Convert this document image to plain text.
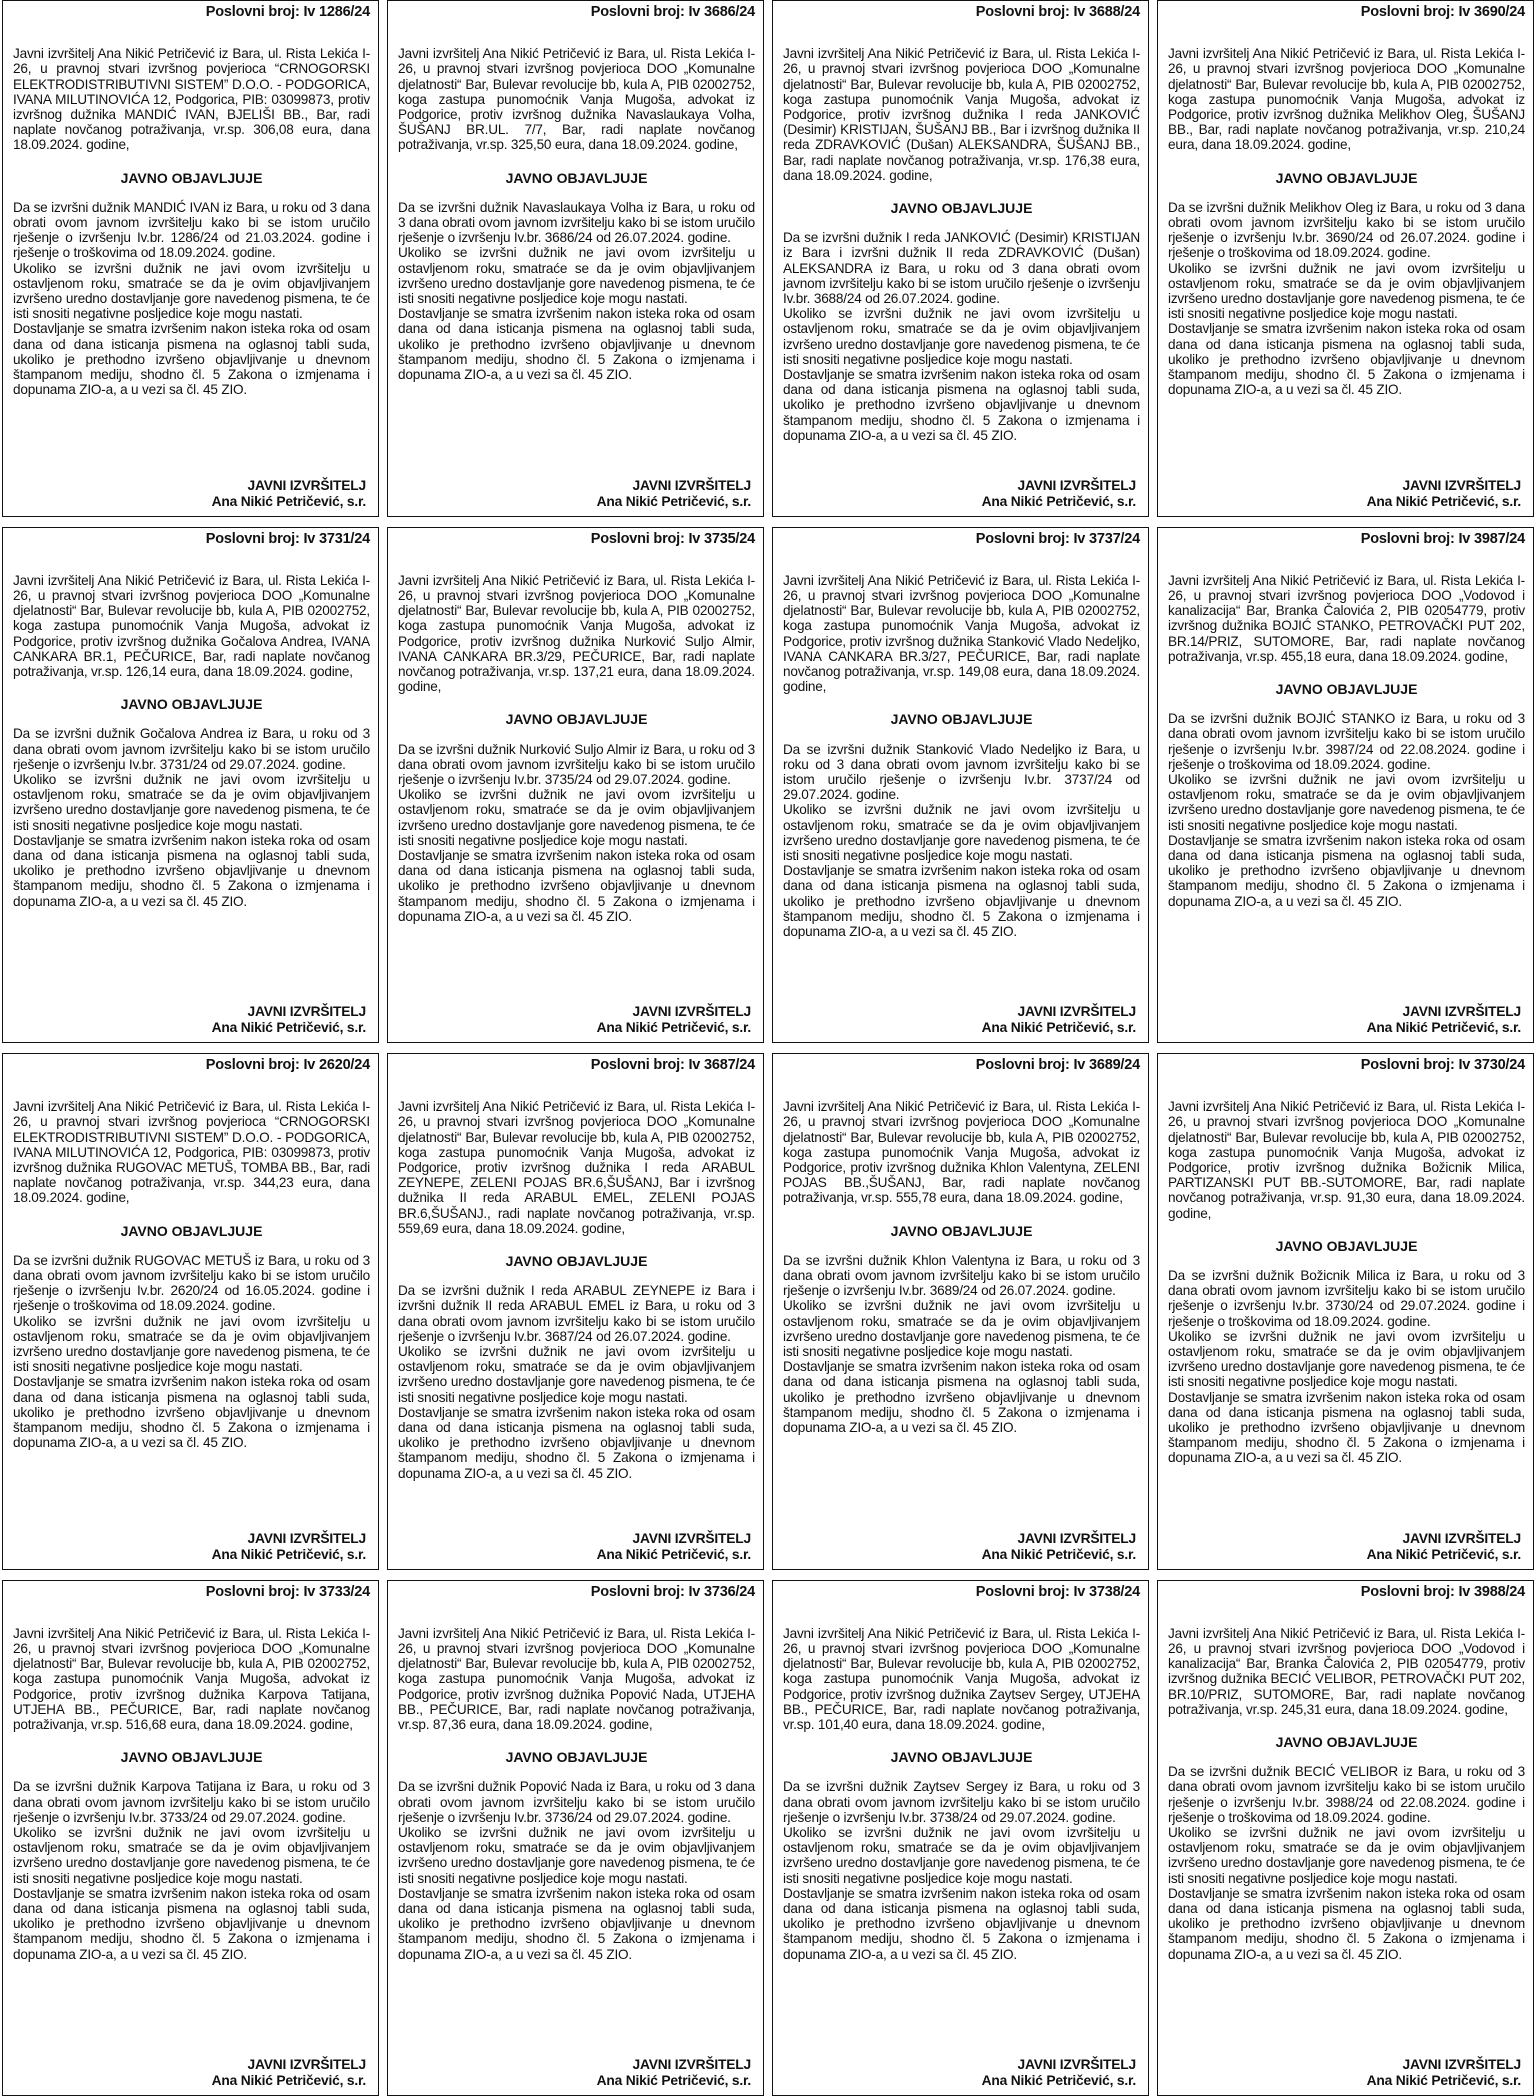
Poslovni broj: Iv 1286/24

Javni izvršitelj Ana Nikić Petričević iz Bara, ul. Rista Lekića I-26, u pravnoj stvari izvršnog povjerioca “CRNOGORSKI ELEKTRODISTRIBUTIVNI SISTEM” D.O.O. - PODGORICA, IVANA MILUTINOVIĆA 12, Podgorica, PIB: 03099873, protiv izvršnog dužnika MANDIĆ IVAN, BJELIŠI BB., Bar, radi naplate novčanog potraživanja, vr.sp. 306,08 eura, dana 18.09.2024. godine,

JAVNO OBJAVLJUJE

Da se izvršni dužnik MANDIĆ IVAN iz Bara, u roku od 3 dana obrati ovom javnom izvršitelju kako bi se istom uručilo rješenje o izvršenju Iv.br. 1286/24 od 21.03.2024. godine i rješenje o troškovima od 18.09.2024. godine.

Ukoliko se izvršni dužnik ne javi ovom izvršitelju u ostavljenom roku, smatraće se da je ovim objavljivanjem izvršeno uredno dostavljanje gore navedenog pismena, te će isti snositi negativne posljedice koje mogu nastati.

Dostavljanje se smatra izvršenim nakon isteka roka od osam dana od dana isticanja pismena na oglasnoj tabli suda, ukoliko je prethodno izvršeno objavljivanje u dnevnom štampanom mediju, shodno čl. 5 Zakona o izmjenama i dopunama ZIO-a, a u vezi sa čl. 45 ZIO.

JAVNI IZVRŠITELJ
Ana Nikić Petričević, s.r.
Poslovni broj: Iv 3686/24

Javni izvršitelj Ana Nikić Petričević iz Bara, ul. Rista Lekića I-26, u pravnoj stvari izvršnog povjerioca DOO „Komunalne djelatnosti“ Bar, Bulevar revolucije bb, kula A, PIB 02002752, koga zastupa punomoćnik Vanja Mugoša, advokat iz Podgorice, protiv izvršnog dužnika Navaslaukaya Volha, ŠUŠANJ BR.UL. 7/7, Bar, radi naplate novčanog potraživanja, vr.sp. 325,50 eura, dana 18.09.2024. godine,

JAVNO OBJAVLJUJE

Da se izvršni dužnik Navaslaukaya Volha iz Bara, u roku od 3 dana obrati ovom javnom izvršitelju kako bi se istom uručilo rješenje o izvršenju Iv.br. 3686/24 od 26.07.2024. godine.

Ukoliko se izvršni dužnik ne javi ovom izvršitelju u ostavljenom roku, smatraće se da je ovim objavljivanjem izvršeno uredno dostavljanje gore navedenog pismena, te će isti snositi negativne posljedice koje mogu nastati.

Dostavljanje se smatra izvršenim nakon isteka roka od osam dana od dana isticanja pismena na oglasnoj tabli suda, ukoliko je prethodno izvršeno objavljivanje u dnevnom štampanom mediju, shodno čl. 5 Zakona o izmjenama i dopunama ZIO-a, a u vezi sa čl. 45 ZIO.

JAVNI IZVRŠITELJ
Ana Nikić Petričević, s.r.
Poslovni broj: Iv 3688/24

Javni izvršitelj Ana Nikić Petričević iz Bara, ul. Rista Lekića I-26, u pravnoj stvari izvršnog povjerioca DOO „Komunalne djelatnosti“ Bar, Bulevar revolucije bb, kula A, PIB 02002752, koga zastupa punomoćnik Vanja Mugoša, advokat iz Podgorice, protiv izvršnog dužnika I reda JANKOVIĆ (Desimir) KRISTIJAN, ŠUŠANJ BB., Bar i izvršnog dužnika II reda ZDRAVKOVIĆ (Dušan) ALEKSANDRA, ŠUŠANJ BB., Bar, radi naplate novčanog potraživanja, vr.sp. 176,38 eura, dana 18.09.2024. godine,

JAVNO OBJAVLJUJE

Da se izvršni dužnik I reda JANKOVIĆ (Desimir) KRISTIJAN iz Bara i izvršni dužnik II reda ZDRAVKOVIĆ (Dušan) ALEKSANDRA iz Bara, u roku od 3 dana obrati ovom javnom izvršitelju kako bi se istom uručilo rješenje o izvršenju Iv.br. 3688/24 od 26.07.2024. godine.

Ukoliko se izvršni dužnik ne javi ovom izvršitelju u ostavljenom roku, smatraće se da je ovim objavljivanjem izvršeno uredno dostavljanje gore navedenog pismena, te će isti snositi negativne posljedice koje mogu nastati.

Dostavljanje se smatra izvršenim nakon isteka roka od osam dana od dana isticanja pismena na oglasnoj tabli suda, ukoliko je prethodno izvršeno objavljivanje u dnevnom štampanom mediju, shodno čl. 5 Zakona o izmjenama i dopunama ZIO-a, a u vezi sa čl. 45 ZIO.

JAVNI IZVRŠITELJ
Ana Nikić Petričević, s.r.
Poslovni broj: Iv 3690/24

Javni izvršitelj Ana Nikić Petričević iz Bara, ul. Rista Lekića I-26, u pravnoj stvari izvršnog povjerioca DOO „Komunalne djelatnosti“ Bar, Bulevar revolucije bb, kula A, PIB 02002752, koga zastupa punomoćnik Vanja Mugoša, advokat iz Podgorice, protiv izvršnog dužnika Melikhov Oleg, ŠUŠANJ BB., Bar, radi naplate novčanog potraživanja, vr.sp. 210,24 eura, dana 18.09.2024. godine,

JAVNO OBJAVLJUJE

Da se izvršni dužnik Melikhov Oleg iz Bara, u roku od 3 dana obrati ovom javnom izvršitelju kako bi se istom uručilo rješenje o izvršenju Iv.br. 3690/24 od 26.07.2024. godine i rješenje o troškovima od 18.09.2024. godine.

Ukoliko se izvršni dužnik ne javi ovom izvršitelju u ostavljenom roku, smatraće se da je ovim objavljivanjem izvršeno uredno dostavljanje gore navedenog pismena, te će isti snositi negativne posljedice koje mogu nastati.

Dostavljanje se smatra izvršenim nakon isteka roka od osam dana od dana isticanja pismena na oglasnoj tabli suda, ukoliko je prethodno izvršeno objavljivanje u dnevnom štampanom mediju, shodno čl. 5 Zakona o izmjenama i dopunama ZIO-a, a u vezi sa čl. 45 ZIO.

JAVNI IZVRŠITELJ
Ana Nikić Petričević, s.r.
Poslovni broj: Iv 3731/24

Javni izvršitelj Ana Nikić Petričević iz Bara, ul. Rista Lekića I-26, u pravnoj stvari izvršnog povjerioca DOO „Komunalne djelatnosti“ Bar, Bulevar revolucije bb, kula A, PIB 02002752, koga zastupa punomoćnik Vanja Mugoša, advokat iz Podgorice, protiv izvršnog dužnika Gočalova Andrea, IVANA CANKARA BR.1, PEČURICE, Bar, radi naplate novčanog potraživanja, vr.sp. 126,14 eura, dana 18.09.2024. godine,

JAVNO OBJAVLJUJE

Da se izvršni dužnik Gočalova Andrea iz Bara, u roku od 3 dana obrati ovom javnom izvršitelju kako bi se istom uručilo rješenje o izvršenju Iv.br. 3731/24 od 29.07.2024. godine.

Ukoliko se izvršni dužnik ne javi ovom izvršitelju u ostavljenom roku, smatraće se da je ovim objavljivanjem izvršeno uredno dostavljanje gore navedenog pismena, te će isti snositi negativne posljedice koje mogu nastati.

Dostavljanje se smatra izvršenim nakon isteka roka od osam dana od dana isticanja pismena na oglasnoj tabli suda, ukoliko je prethodno izvršeno objavljivanje u dnevnom štampanom mediju, shodno čl. 5 Zakona o izmjenama i dopunama ZIO-a, a u vezi sa čl. 45 ZIO.

JAVNI IZVRŠITELJ
Ana Nikić Petričević, s.r.
Poslovni broj: Iv 3735/24

Javni izvršitelj Ana Nikić Petričević iz Bara, ul. Rista Lekića I-26, u pravnoj stvari izvršnog povjerioca DOO „Komunalne djelatnosti“ Bar, Bulevar revolucije bb, kula A, PIB 02002752, koga zastupa punomoćnik Vanja Mugoša, advokat iz Podgorice, protiv izvršnog dužnika Nurković Suljo Almir, IVANA CANKARA BR.3/29, PEČURICE, Bar, radi naplate novčanog potraživanja, vr.sp. 137,21 eura, dana 18.09.2024. godine,

JAVNO OBJAVLJUJE

Da se izvršni dužnik Nurković Suljo Almir iz Bara, u roku od 3 dana obrati ovom javnom izvršitelju kako bi se istom uručilo rješenje o izvršenju Iv.br. 3735/24 od 29.07.2024. godine.

Ukoliko se izvršni dužnik ne javi ovom izvršitelju u ostavljenom roku, smatraće se da je ovim objavljivanjem izvršeno uredno dostavljanje gore navedenog pismena, te će isti snositi negativne posljedice koje mogu nastati.

Dostavljanje se smatra izvršenim nakon isteka roka od osam dana od dana isticanja pismena na oglasnoj tabli suda, ukoliko je prethodno izvršeno objavljivanje u dnevnom štampanom mediju, shodno čl. 5 Zakona o izmjenama i dopunama ZIO-a, a u vezi sa čl. 45 ZIO.

JAVNI IZVRŠITELJ
Ana Nikić Petričević, s.r.
Poslovni broj: Iv 3737/24

Javni izvršitelj Ana Nikić Petričević iz Bara, ul. Rista Lekića I-26, u pravnoj stvari izvršnog povjerioca DOO „Komunalne djelatnosti“ Bar, Bulevar revolucije bb, kula A, PIB 02002752, koga zastupa punomoćnik Vanja Mugoša, advokat iz Podgorice, protiv izvršnog dužnika Stanković Vlado Nedeljko, IVANA CANKARA BR.3/27, PEČURICE, Bar, radi naplate novčanog potraživanja, vr.sp. 149,08 eura, dana 18.09.2024. godine,

JAVNO OBJAVLJUJE

Da se izvršni dužnik Stanković Vlado Nedeljko iz Bara, u roku od 3 dana obrati ovom javnom izvršitelju kako bi se istom uručilo rješenje o izvršenju Iv.br. 3737/24 od 29.07.2024. godine.

Ukoliko se izvršni dužnik ne javi ovom izvršitelju u ostavljenom roku, smatraće se da je ovim objavljivanjem izvršeno uredno dostavljanje gore navedenog pismena, te će isti snositi negativne posljedice koje mogu nastati.

Dostavljanje se smatra izvršenim nakon isteka roka od osam dana od dana isticanja pismena na oglasnoj tabli suda, ukoliko je prethodno izvršeno objavljivanje u dnevnom štampanom mediju, shodno čl. 5 Zakona o izmjenama i dopunama ZIO-a, a u vezi sa čl. 45 ZIO.

JAVNI IZVRŠITELJ
Ana Nikić Petričević, s.r.
Poslovni broj: Iv 3987/24

Javni izvršitelj Ana Nikić Petričević iz Bara, ul. Rista Lekića I-26, u pravnoj stvari izvršnog povjerioca DOO „Vodovod i kanalizacija“ Bar, Branka Čalovića 2, PIB 02054779, protiv izvršnog dužnika BOJIĆ STANKO, PETROVAČKI PUT 202, BR.14/PRIZ, SUTOMORE, Bar, radi naplate novčanog potraživanja, vr.sp. 455,18 eura, dana 18.09.2024. godine,

JAVNO OBJAVLJUJE

Da se izvršni dužnik BOJIĆ STANKO iz Bara, u roku od 3 dana obrati ovom javnom izvršitelju kako bi se istom uručilo rješenje o izvršenju Iv.br. 3987/24 od 22.08.2024. godine i rješenje o troškovima od 18.09.2024. godine.

Ukoliko se izvršni dužnik ne javi ovom izvršitelju u ostavljenom roku, smatraće se da je ovim objavljivanjem izvršeno uredno dostavljanje gore navedenog pismena, te će isti snositi negativne posljedice koje mogu nastati.

Dostavljanje se smatra izvršenim nakon isteka roka od osam dana od dana isticanja pismena na oglasnoj tabli suda, ukoliko je prethodno izvršeno objavljivanje u dnevnom štampanom mediju, shodno čl. 5 Zakona o izmjenama i dopunama ZIO-a, a u vezi sa čl. 45 ZIO.

JAVNI IZVRŠITELJ
Ana Nikić Petričević, s.r.
Poslovni broj: Iv 2620/24

Javni izvršitelj Ana Nikić Petričević iz Bara, ul. Rista Lekića I-26, u pravnoj stvari izvršnog povjerioca “CRNOGORSKI ELEKTRODISTRIBUTIVNI SISTEM” D.O.O. - PODGORICA, IVANA MILUTINOVIĆA 12, Podgorica, PIB: 03099873, protiv izvršnog dužnika RUGOVAC METUŠ, TOMBA BB., Bar, radi naplate novčanog potraživanja, vr.sp. 344,23 eura, dana 18.09.2024. godine,

JAVNO OBJAVLJUJE

Da se izvršni dužnik RUGOVAC METUŠ iz Bara, u roku od 3 dana obrati ovom javnom izvršitelju kako bi se istom uručilo rješenje o izvršenju Iv.br. 2620/24 od 16.05.2024. godine i rješenje o troškovima od 18.09.2024. godine.

Ukoliko se izvršni dužnik ne javi ovom izvršitelju u ostavljenom roku, smatraće se da je ovim objavljivanjem izvršeno uredno dostavljanje gore navedenog pismena, te će isti snositi negativne posljedice koje mogu nastati.

Dostavljanje se smatra izvršenim nakon isteka roka od osam dana od dana isticanja pismena na oglasnoj tabli suda, ukoliko je prethodno izvršeno objavljivanje u dnevnom štampanom mediju, shodno čl. 5 Zakona o izmjenama i dopunama ZIO-a, a u vezi sa čl. 45 ZIO.

JAVNI IZVRŠITELJ
Ana Nikić Petričević, s.r.
Poslovni broj: Iv 3687/24

Javni izvršitelj Ana Nikić Petričević iz Bara, ul. Rista Lekića I-26, u pravnoj stvari izvršnog povjerioca DOO „Komunalne djelatnosti“ Bar, Bulevar revolucije bb, kula A, PIB 02002752, koga zastupa punomoćnik Vanja Mugoša, advokat iz Podgorice, protiv izvršnog dužnika I reda ARABUL ZEYNEPE, ZELENI POJAS BR.6,ŠUŠANJ, Bar i izvršnog dužnika II reda ARABUL EMEL, ZELENI POJAS BR.6,ŠUŠANJ., radi naplate novčanog potraživanja, vr.sp. 559,69 eura, dana 18.09.2024. godine,

JAVNO OBJAVLJUJE

Da se izvršni dužnik I reda ARABUL ZEYNEPE iz Bara i izvršni dužnik II reda ARABUL EMEL iz Bara, u roku od 3 dana obrati ovom javnom izvršitelju kako bi se istom uručilo rješenje o izvršenju Iv.br. 3687/24 od 26.07.2024. godine.

Ukoliko se izvršni dužnik ne javi ovom izvršitelju u ostavljenom roku, smatraće se da je ovim objavljivanjem izvršeno uredno dostavljanje gore navedenog pismena, te će isti snositi negativne posljedice koje mogu nastati.

Dostavljanje se smatra izvršenim nakon isteka roka od osam dana od dana isticanja pismena na oglasnoj tabli suda, ukoliko je prethodno izvršeno objavljivanje u dnevnom štampanom mediju, shodno čl. 5 Zakona o izmjenama i dopunama ZIO-a, a u vezi sa čl. 45 ZIO.

JAVNI IZVRŠITELJ
Ana Nikić Petričević, s.r.
Poslovni broj: Iv 3689/24

Javni izvršitelj Ana Nikić Petričević iz Bara, ul. Rista Lekića I-26, u pravnoj stvari izvršnog povjerioca DOO „Komunalne djelatnosti“ Bar, Bulevar revolucije bb, kula A, PIB 02002752, koga zastupa punomoćnik Vanja Mugoša, advokat iz Podgorice, protiv izvršnog dužnika Khlon Valentyna, ZELENI POJAS BB.,ŠUŠANJ, Bar, radi naplate novčanog potraživanja, vr.sp. 555,78 eura, dana 18.09.2024. godine,

JAVNO OBJAVLJUJE

Da se izvršni dužnik Khlon Valentyna iz Bara, u roku od 3 dana obrati ovom javnom izvršitelju kako bi se istom uručilo rješenje o izvršenju Iv.br. 3689/24 od 26.07.2024. godine.

Ukoliko se izvršni dužnik ne javi ovom izvršitelju u ostavljenom roku, smatraće se da je ovim objavljivanjem izvršeno uredno dostavljanje gore navedenog pismena, te će isti snositi negativne posljedice koje mogu nastati.

Dostavljanje se smatra izvršenim nakon isteka roka od osam dana od dana isticanja pismena na oglasnoj tabli suda, ukoliko je prethodno izvršeno objavljivanje u dnevnom štampanom mediju, shodno čl. 5 Zakona o izmjenama i dopunama ZIO-a, a u vezi sa čl. 45 ZIO.

JAVNI IZVRŠITELJ
Ana Nikić Petričević, s.r.
Poslovni broj: Iv 3730/24

Javni izvršitelj Ana Nikić Petričević iz Bara, ul. Rista Lekića I-26, u pravnoj stvari izvršnog povjerioca DOO „Komunalne djelatnosti“ Bar, Bulevar revolucije bb, kula A, PIB 02002752, koga zastupa punomoćnik Vanja Mugoša, advokat iz Podgorice, protiv izvršnog dužnika Božicnik Milica, PARTIZANSKI PUT BB.-SUTOMORE, Bar, radi naplate novčanog potraživanja, vr.sp. 91,30 eura, dana 18.09.2024. godine,

JAVNO OBJAVLJUJE

Da se izvršni dužnik Božicnik Milica iz Bara, u roku od 3 dana obrati ovom javnom izvršitelju kako bi se istom uručilo rješenje o izvršenju Iv.br. 3730/24 od 29.07.2024. godine i rješenje o troškovima od 18.09.2024. godine.

Ukoliko se izvršni dužnik ne javi ovom izvršitelju u ostavljenom roku, smatraće se da je ovim objavljivanjem izvršeno uredno dostavljanje gore navedenog pismena, te će isti snositi negativne posljedice koje mogu nastati.

Dostavljanje se smatra izvršenim nakon isteka roka od osam dana od dana isticanja pismena na oglasnoj tabli suda, ukoliko je prethodno izvršeno objavljivanje u dnevnom štampanom mediju, shodno čl. 5 Zakona o izmjenama i dopunama ZIO-a, a u vezi sa čl. 45 ZIO.

JAVNI IZVRŠITELJ
Ana Nikić Petričević, s.r.
Poslovni broj: Iv 3733/24

Javni izvršitelj Ana Nikić Petričević iz Bara, ul. Rista Lekića I-26, u pravnoj stvari izvršnog povjerioca DOO „Komunalne djelatnosti“ Bar, Bulevar revolucije bb, kula A, PIB 02002752, koga zastupa punomoćnik Vanja Mugoša, advokat iz Podgorice, protiv izvršnog dužnika Karpova Tatijana, UTJEHA BB., PEČURICE, Bar, radi naplate novčanog potraživanja, vr.sp. 516,68 eura, dana 18.09.2024. godine,

JAVNO OBJAVLJUJE

Da se izvršni dužnik Karpova Tatijana iz Bara, u roku od 3 dana obrati ovom javnom izvršitelju kako bi se istom uručilo rješenje o izvršenju Iv.br. 3733/24 od 29.07.2024. godine.

Ukoliko se izvršni dužnik ne javi ovom izvršitelju u ostavljenom roku, smatraće se da je ovim objavljivanjem izvršeno uredno dostavljanje gore navedenog pismena, te će isti snositi negativne posljedice koje mogu nastati.

Dostavljanje se smatra izvršenim nakon isteka roka od osam dana od dana isticanja pismena na oglasnoj tabli suda, ukoliko je prethodno izvršeno objavljivanje u dnevnom štampanom mediju, shodno čl. 5 Zakona o izmjenama i dopunama ZIO-a, a u vezi sa čl. 45 ZIO.

JAVNI IZVRŠITELJ
Ana Nikić Petričević, s.r.
Poslovni broj: Iv 3736/24

Javni izvršitelj Ana Nikić Petričević iz Bara, ul. Rista Lekića I-26, u pravnoj stvari izvršnog povjerioca DOO „Komunalne djelatnosti“ Bar, Bulevar revolucije bb, kula A, PIB 02002752, koga zastupa punomoćnik Vanja Mugoša, advokat iz Podgorice, protiv izvršnog dužnika Popović Nada, UTJEHA BB., PEČURICE, Bar, radi naplate novčanog potraživanja, vr.sp. 87,36 eura, dana 18.09.2024. godine,

JAVNO OBJAVLJUJE

Da se izvršni dužnik Popović Nada iz Bara, u roku od 3 dana obrati ovom javnom izvršitelju kako bi se istom uručilo rješenje o izvršenju Iv.br. 3736/24 od 29.07.2024. godine.

Ukoliko se izvršni dužnik ne javi ovom izvršitelju u ostavljenom roku, smatraće se da je ovim objavljivanjem izvršeno uredno dostavljanje gore navedenog pismena, te će isti snositi negativne posljedice koje mogu nastati.

Dostavljanje se smatra izvršenim nakon isteka roka od osam dana od dana isticanja pismena na oglasnoj tabli suda, ukoliko je prethodno izvršeno objavljivanje u dnevnom štampanom mediju, shodno čl. 5 Zakona o izmjenama i dopunama ZIO-a, a u vezi sa čl. 45 ZIO.

JAVNI IZVRŠITELJ
Ana Nikić Petričević, s.r.
Poslovni broj: Iv 3738/24

Javni izvršitelj Ana Nikić Petričević iz Bara, ul. Rista Lekića I-26, u pravnoj stvari izvršnog povjerioca DOO „Komunalne djelatnosti“ Bar, Bulevar revolucije bb, kula A, PIB 02002752, koga zastupa punomoćnik Vanja Mugoša, advokat iz Podgorice, protiv izvršnog dužnika Zaytsev Sergey, UTJEHA BB., PEČURICE, Bar, radi naplate novčanog potraživanja, vr.sp. 101,40 eura, dana 18.09.2024. godine,

JAVNO OBJAVLJUJE

Da se izvršni dužnik Zaytsev Sergey iz Bara, u roku od 3 dana obrati ovom javnom izvršitelju kako bi se istom uručilo rješenje o izvršenju Iv.br. 3738/24 od 29.07.2024. godine.

Ukoliko se izvršni dužnik ne javi ovom izvršitelju u ostavljenom roku, smatraće se da je ovim objavljivanjem izvršeno uredno dostavljanje gore navedenog pismena, te će isti snositi negativne posljedice koje mogu nastati.

Dostavljanje se smatra izvršenim nakon isteka roka od osam dana od dana isticanja pismena na oglasnoj tabli suda, ukoliko je prethodno izvršeno objavljivanje u dnevnom štampanom mediju, shodno čl. 5 Zakona o izmjenama i dopunama ZIO-a, a u vezi sa čl. 45 ZIO.

JAVNI IZVRŠITELJ
Ana Nikić Petričević, s.r.
Poslovni broj: Iv 3988/24

Javni izvršitelj Ana Nikić Petričević iz Bara, ul. Rista Lekića I-26, u pravnoj stvari izvršnog povjerioca DOO „Vodovod i kanalizacija“ Bar, Branka Čalovića 2, PIB 02054779, protiv izvršnog dužnika BECIĆ VELIBOR, PETROVAČKI PUT 202, BR.10/PRIZ, SUTOMORE, Bar, radi naplate novčanog potraživanja, vr.sp. 245,31 eura, dana 18.09.2024. godine,

JAVNO OBJAVLJUJE

Da se izvršni dužnik BECIĆ VELIBOR iz Bara, u roku od 3 dana obrati ovom javnom izvršitelju kako bi se istom uručilo rješenje o izvršenju Iv.br. 3988/24 od 22.08.2024. godine i rješenje o troškovima od 18.09.2024. godine.

Ukoliko se izvršni dužnik ne javi ovom izvršitelju u ostavljenom roku, smatraće se da je ovim objavljivanjem izvršeno uredno dostavljanje gore navedenog pismena, te će isti snositi negativne posljedice koje mogu nastati.

Dostavljanje se smatra izvršenim nakon isteka roka od osam dana od dana isticanja pismena na oglasnoj tabli suda, ukoliko je prethodno izvršeno objavljivanje u dnevnom štampanom mediju, shodno čl. 5 Zakona o izmjenama i dopunama ZIO-a, a u vezi sa čl. 45 ZIO.

JAVNI IZVRŠITELJ
Ana Nikić Petričević, s.r.
